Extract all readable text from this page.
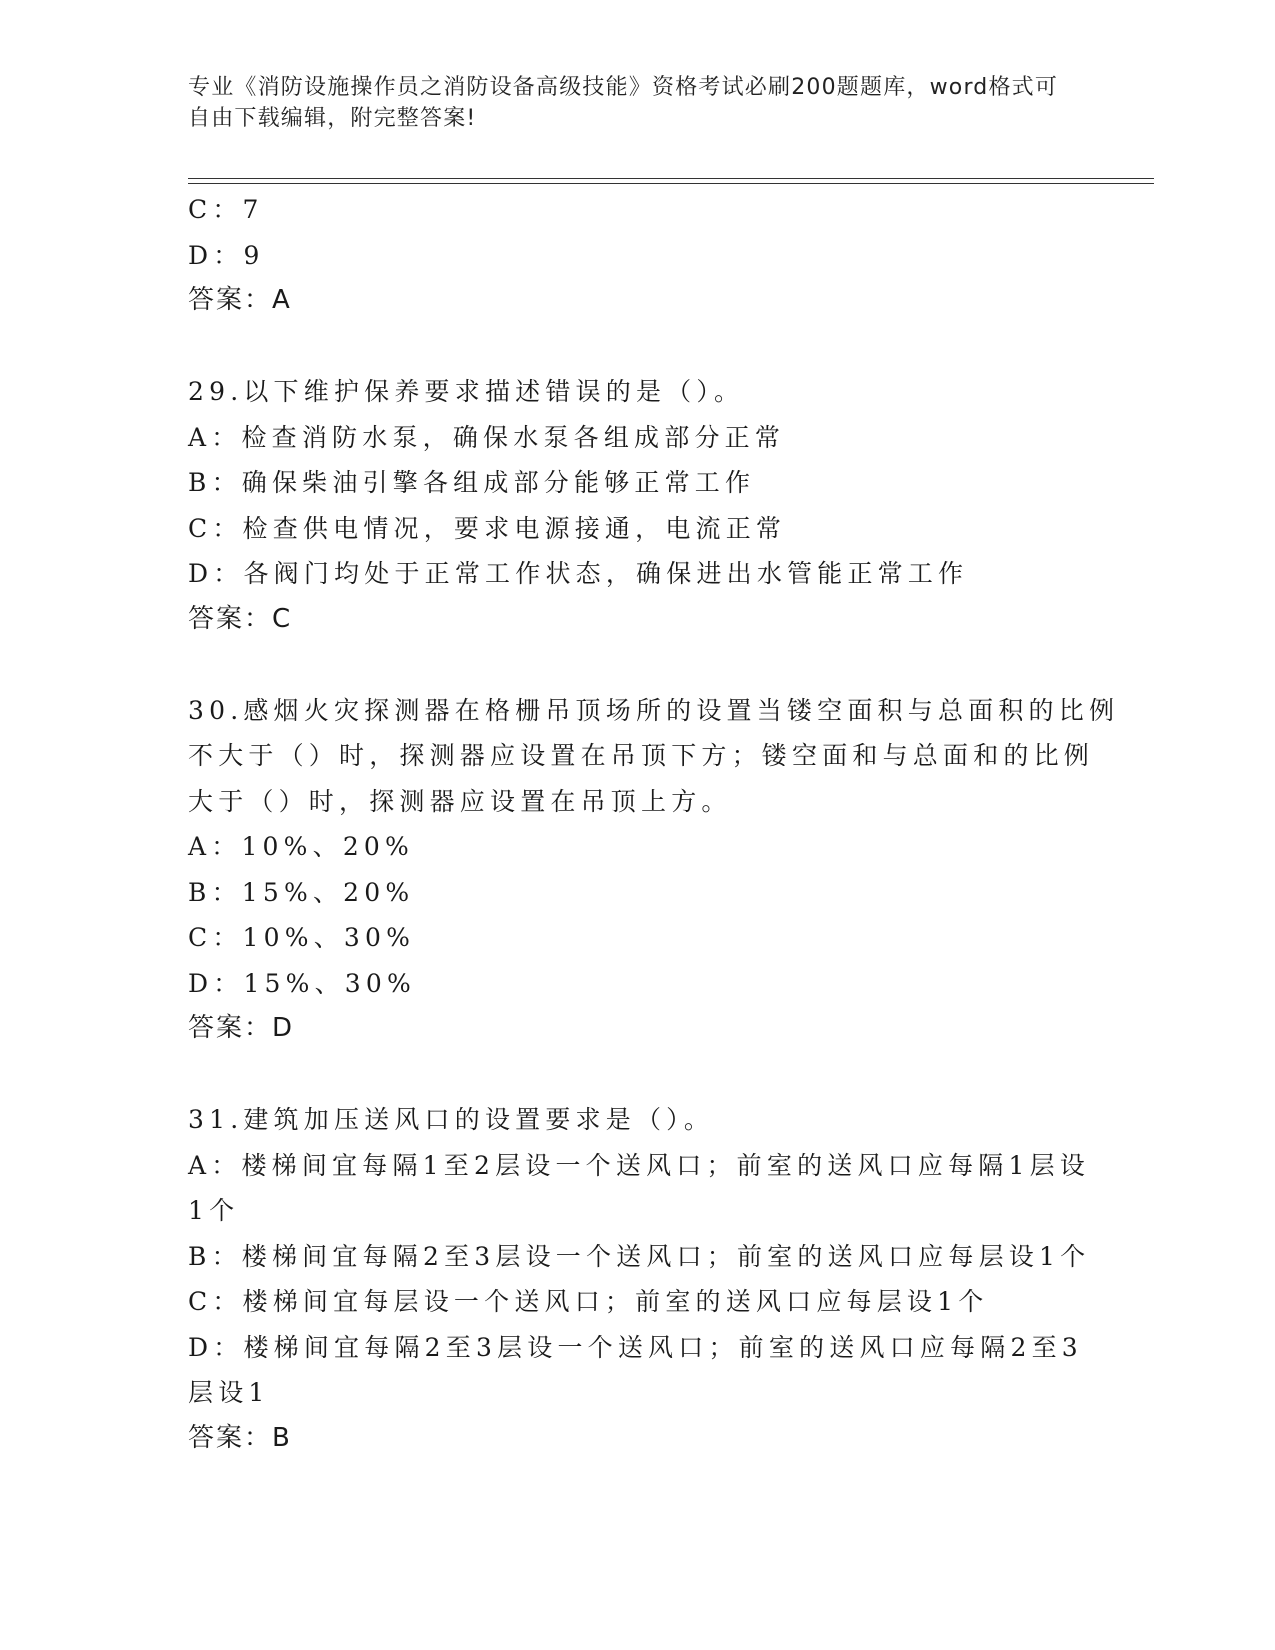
专业《消防设施操作员之消防设备高级技能》资格考试必刷200题题库，word格式可自由下载编辑，附完整答案!
C：7
D：9
答案：A
29.以下维护保养要求描述错误的是（）。
A：检查消防水泵，确保水泵各组成部分正常
B：确保柴油引擎各组成部分能够正常工作
C：检查供电情况，要求电源接通，电流正常
D：各阀门均处于正常工作状态，确保进出水管能正常工作
答案：C
30.感烟火灾探测器在格栅吊顶场所的设置当镂空面积与总面积的比例
不大于（）时，探测器应设置在吊顶下方；镂空面和与总面和的比例
大于（）时，探测器应设置在吊顶上方。
A：10%、20%
B：15%、20%
C：10%、30%
D：15%、30%
答案：D
31.建筑加压送风口的设置要求是（）。
A：楼梯间宜每隔1至2层设一个送风口；前室的送风口应每隔1层设
1个
B：楼梯间宜每隔2至3层设一个送风口；前室的送风口应每层设1个
C：楼梯间宜每层设一个送风口；前室的送风口应每层设1个
D：楼梯间宜每隔2至3层设一个送风口；前室的送风口应每隔2至3
层设1
答案：B
